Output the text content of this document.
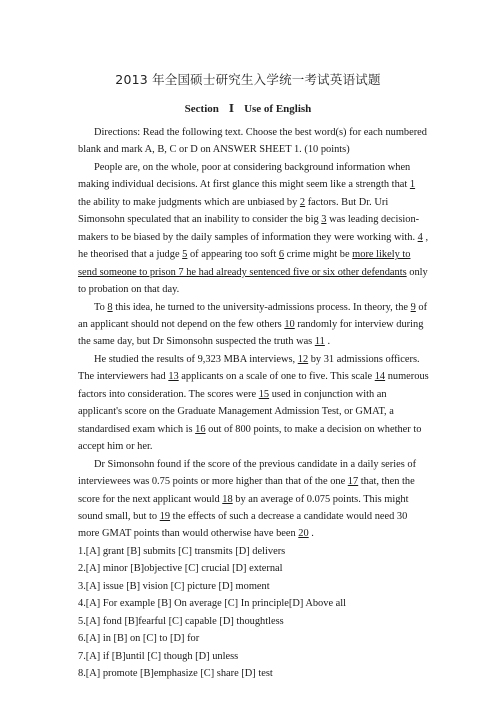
2013 年全国硕士研究生入学统一考试英语试题
Section Ⅰ Use of English

Directions: Read the following text. Choose the best word(s) for each numbered blank and mark A, B, C or D on ANSWER SHEET 1. (10 points)

People are, on the whole, poor at considering background information when making individual decisions. At first glance this might seem like a strength that 1 the ability to make judgments which are unbiased by 2 factors. But Dr. Uri Simonsohn speculated that an inability to consider the big 3 was leading decision-makers to be biased by the daily samples of information they were working with. 4 , he theorised that a judge 5 of appearing too soft 6 crime might be more likely to send someone to prison 7 he had already sentenced five or six other defendants only to probation on that day.

To 8 this idea, he turned to the university-admissions process. In theory, the 9 of an applicant should not depend on the few others 10 randomly for interview during the same day, but Dr Simonsohn suspected the truth was 11 .

He studied the results of 9,323 MBA interviews, 12 by 31 admissions officers. The interviewers had 13 applicants on a scale of one to five. This scale 14 numerous factors into consideration. The scores were 15 used in conjunction with an applicant's score on the Graduate Management Admission Test, or GMAT, a standardised exam which is 16 out of 800 points, to make a decision on whether to accept him or her.

Dr Simonsohn found if the score of the previous candidate in a daily series of interviewees was 0.75 points or more higher than that of the one 17 that, then the score for the next applicant would 18 by an average of 0.075 points. This might sound small, but to 19 the effects of such a decrease a candidate would need 30 more GMAT points than would otherwise have been 20 .

1.[A] grant [B] submits [C] transmits [D] delivers

2.[A] minor [B]objective [C] crucial [D] external

3.[A] issue [B] vision [C] picture [D] moment

4.[A] For example [B] On average [C] In principle[D] Above all

5.[A] fond [B]fearful [C] capable [D] thoughtless

6.[A] in [B] on [C] to [D] for

7.[A] if [B]until [C] though [D] unless

8.[A] promote [B]emphasize [C] share [D] test
